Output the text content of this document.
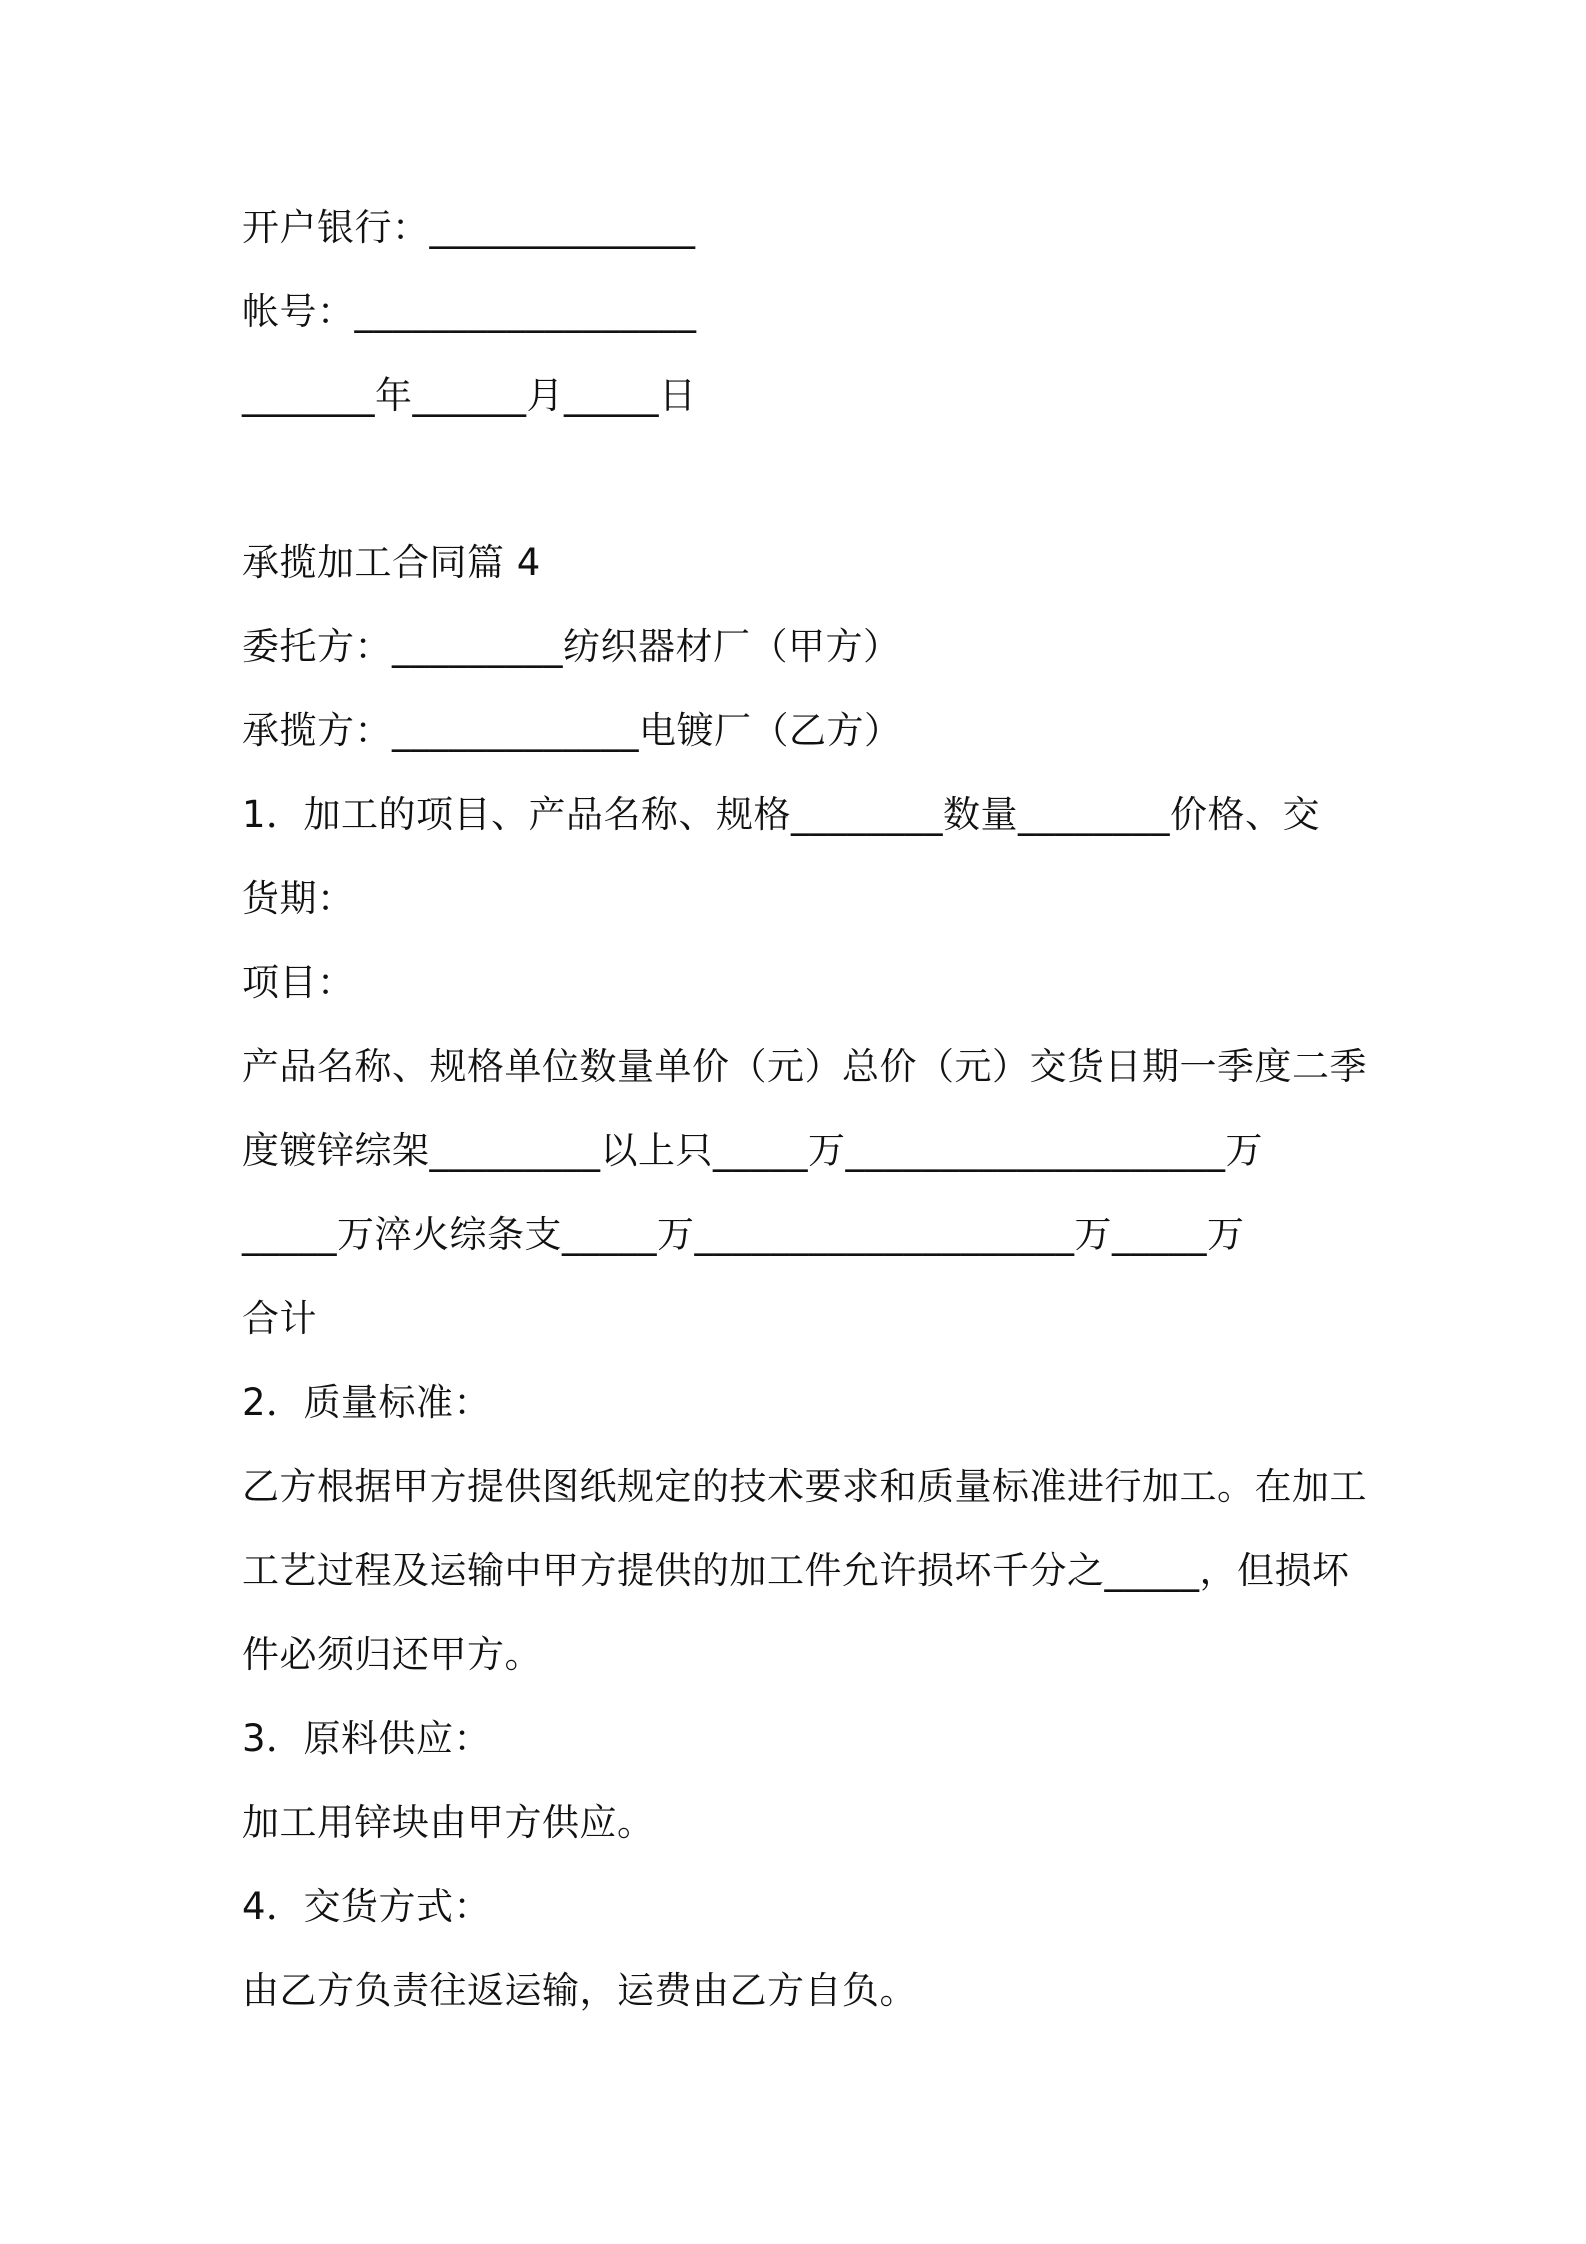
开户银行：______________
帐号：__________________
_______年______月_____日
承揽加工合同篇 4
委托方：_________纺织器材厂（甲方）
承揽方：_____________电镀厂（乙方）
1．加工的项目、产品名称、规格________数量________价格、交
货期：
项目：
产品名称、规格单位数量单价（元）总价（元）交货日期一季度二季
度镀锌综架_________以上只_____万____________________万
_____万淬火综条支_____万____________________万_____万
合计
2．质量标准：
乙方根据甲方提供图纸规定的技术要求和质量标准进行加工。在加工
工艺过程及运输中甲方提供的加工件允许损坏千分之_____，但损坏
件必须归还甲方。
3．原料供应：
加工用锌块由甲方供应。
4．交货方式：
由乙方负责往返运输，运费由乙方自负。
